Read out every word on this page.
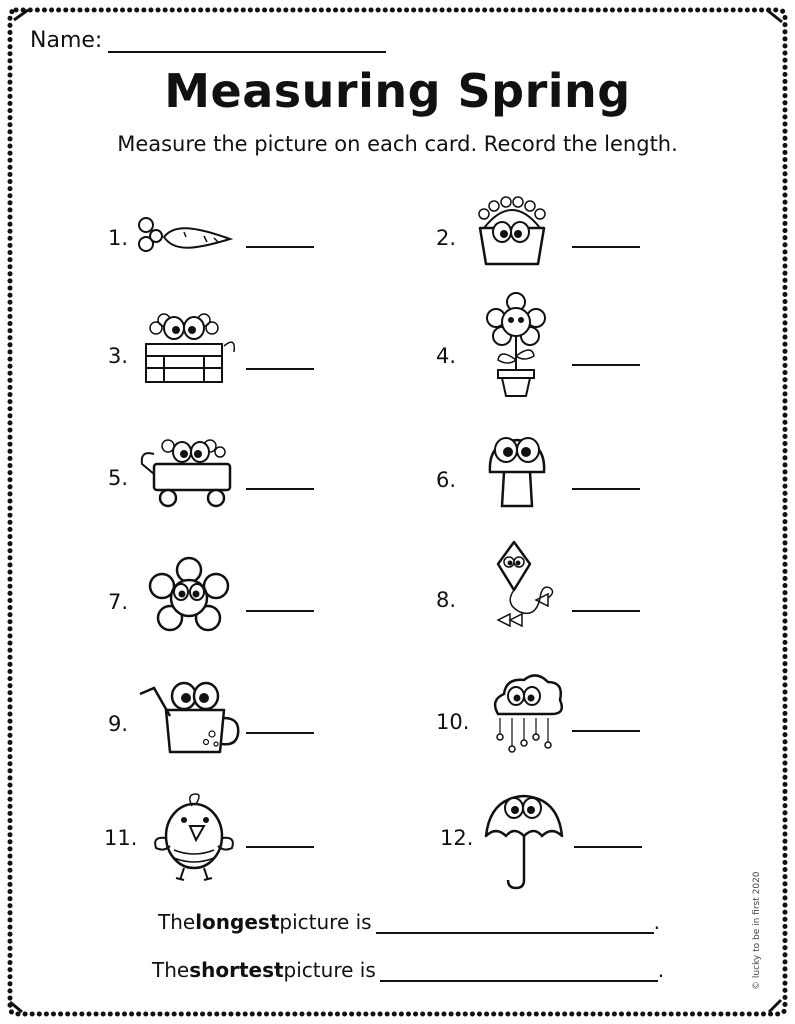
Name:
Measuring Spring
Measure the picture on each card. Record the length.
1.	2.
3.	4.
5.	6.
7.	8.
9.	10.
11.	12.
The longest picture is	.
The shortest picture is	.	© lucky to be in first 2020
